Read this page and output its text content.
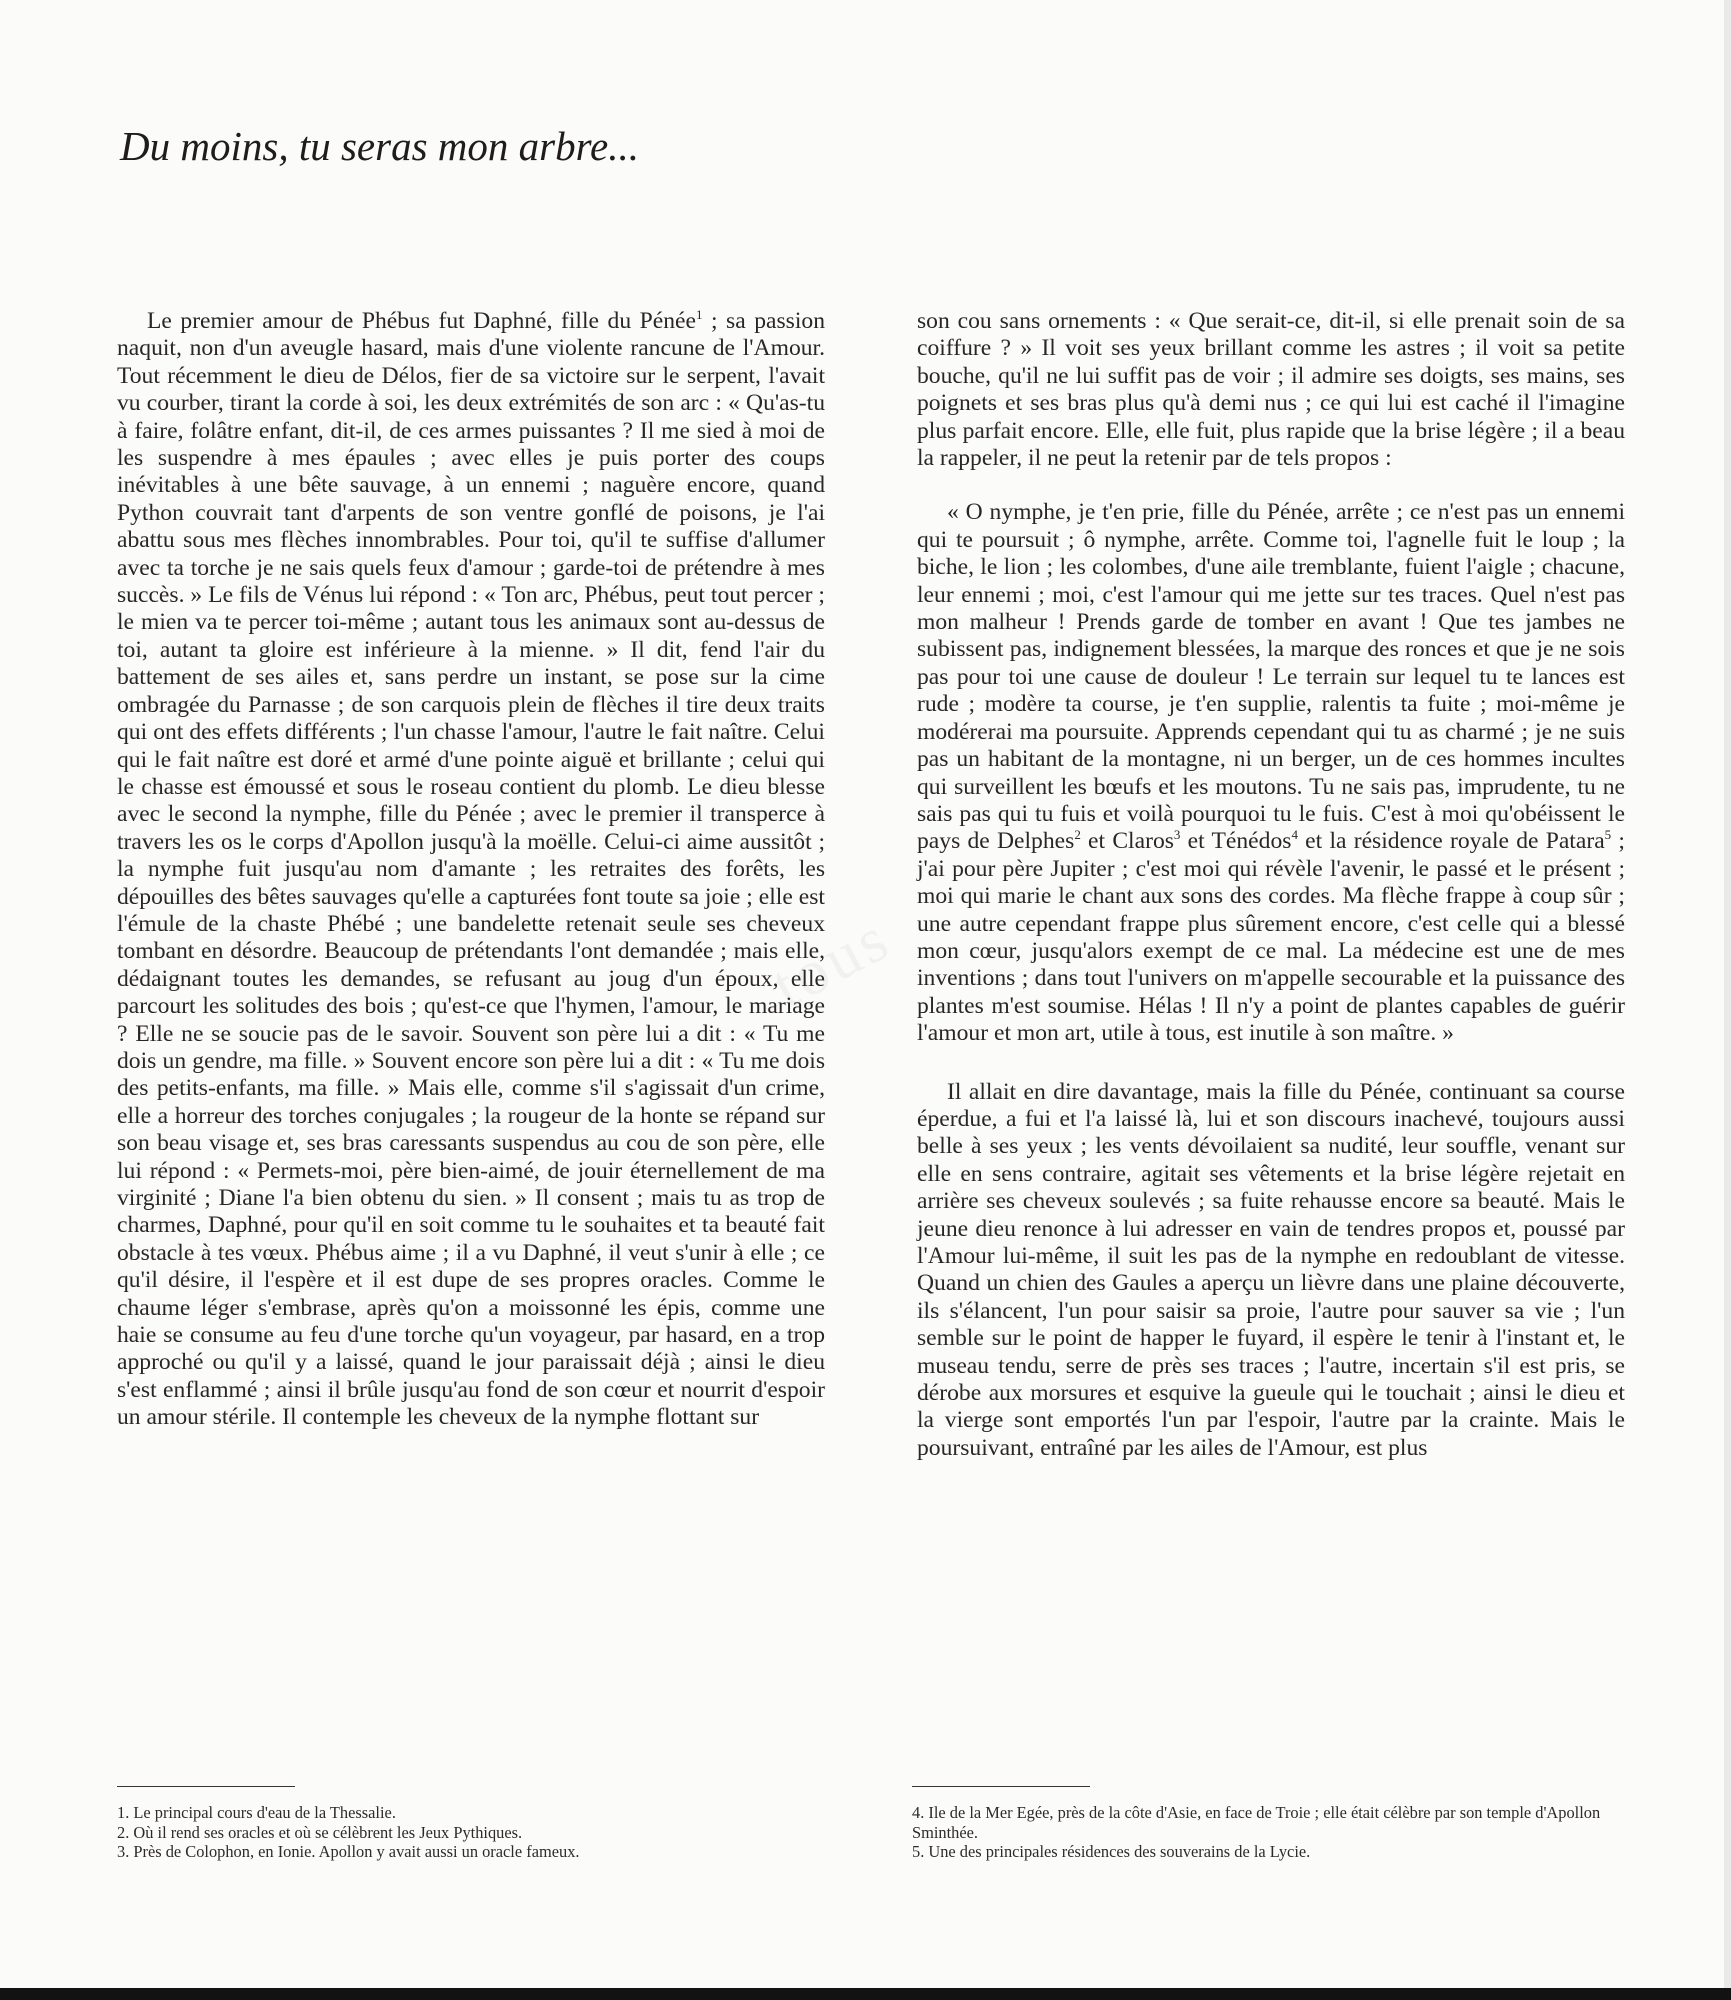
Du moins, tu seras mon arbre...
tous

Le premier amour de Phébus fut Daphné, fille du Pénée$^1$ ; sa passion naquit, non d'un aveugle hasard, mais d'une violente rancune de l'Amour. Tout récemment le dieu de Délos, fier de sa victoire sur le serpent, l'avait vu courber, tirant la corde à soi, les deux extrémités de son arc : « Qu'as-tu à faire, folâtre enfant, dit-il, de ces armes puissantes ? Il me sied à moi de les suspendre à mes épaules ; avec elles je puis porter des coups inévitables à une bête sauvage, à un ennemi ; naguère encore, quand Python couvrait tant d'arpents de son ventre gonflé de poisons, je l'ai abattu sous mes flèches innombrables. Pour toi, qu'il te suffise d'allumer avec ta torche je ne sais quels feux d'amour ; garde-toi de prétendre à mes succès. » Le fils de Vénus lui répond : « Ton arc, Phébus, peut tout percer ; le mien va te percer toi-même ; autant tous les animaux sont au-dessus de toi, autant ta gloire est inférieure à la mienne. » Il dit, fend l'air du battement de ses ailes et, sans perdre un instant, se pose sur la cime ombragée du Parnasse ; de son carquois plein de flèches il tire deux traits qui ont des effets différents ; l'un chasse l'amour, l'autre le fait naître. Celui qui le fait naître est doré et armé d'une pointe aiguë et brillante ; celui qui le chasse est émoussé et sous le roseau contient du plomb. Le dieu blesse avec le second la nymphe, fille du Pénée ; avec le premier il transperce à travers les os le corps d'Apollon jusqu'à la moëlle. Celui-ci aime aussitôt ; la nymphe fuit jusqu'au nom d'amante ; les retraites des forêts, les dépouilles des bêtes sauvages qu'elle a capturées font toute sa joie ; elle est l'émule de la chaste Phébé ; une bandelette retenait seule ses cheveux tombant en désordre. Beaucoup de prétendants l'ont demandée ; mais elle, dédaignant toutes les demandes, se refusant au joug d'un époux, elle parcourt les solitudes des bois ; qu'est-ce que l'hymen, l'amour, le mariage ? Elle ne se soucie pas de le savoir. Souvent son père lui a dit : « Tu me dois un gendre, ma fille. » Souvent encore son père lui a dit : « Tu me dois des petits-enfants, ma fille. » Mais elle, comme s'il s'agissait d'un crime, elle a horreur des torches conjugales ; la rougeur de la honte se répand sur son beau visage et, ses bras caressants suspendus au cou de son père, elle lui répond : « Permets-moi, père bien-aimé, de jouir éternellement de ma virginité ; Diane l'a bien obtenu du sien. » Il consent ; mais tu as trop de charmes, Daphné, pour qu'il en soit comme tu le souhaites et ta beauté fait obstacle à tes vœux. Phébus aime ; il a vu Daphné, il veut s'unir à elle ; ce qu'il désire, il l'espère et il est dupe de ses propres oracles. Comme le chaume léger s'embrase, après qu'on a moissonné les épis, comme une haie se consume au feu d'une torche qu'un voyageur, par hasard, en a trop approché ou qu'il y a laissé, quand le jour paraissait déjà ; ainsi le dieu s'est enflammé ; ainsi il brûle jusqu'au fond de son cœur et nourrit d'espoir un amour stérile. Il contemple les cheveux de la nymphe flottant sur

son cou sans ornements : « Que serait-ce, dit-il, si elle prenait soin de sa coiffure ? » Il voit ses yeux brillant comme les astres ; il voit sa petite bouche, qu'il ne lui suffit pas de voir ; il admire ses doigts, ses mains, ses poignets et ses bras plus qu'à demi nus ; ce qui lui est caché il l'imagine plus parfait encore. Elle, elle fuit, plus rapide que la brise légère ; il a beau la rappeler, il ne peut la retenir par de tels propos :

« O nymphe, je t'en prie, fille du Pénée, arrête ; ce n'est pas un ennemi qui te poursuit ; ô nymphe, arrête. Comme toi, l'agnelle fuit le loup ; la biche, le lion ; les colombes, d'une aile tremblante, fuient l'aigle ; chacune, leur ennemi ; moi, c'est l'amour qui me jette sur tes traces. Quel n'est pas mon malheur ! Prends garde de tomber en avant ! Que tes jambes ne subissent pas, indignement blessées, la marque des ronces et que je ne sois pas pour toi une cause de douleur ! Le terrain sur lequel tu te lances est rude ; modère ta course, je t'en supplie, ralentis ta fuite ; moi-même je modérerai ma poursuite. Apprends cependant qui tu as charmé ; je ne suis pas un habitant de la montagne, ni un berger, un de ces hommes incultes qui surveillent les bœufs et les moutons. Tu ne sais pas, imprudente, tu ne sais pas qui tu fuis et voilà pourquoi tu le fuis. C'est à moi qu'obéissent le pays de Delphes$^2$ et Claros$^3$ et Ténédos$^4$ et la résidence royale de Patara$^5$ ; j'ai pour père Jupiter ; c'est moi qui révèle l'avenir, le passé et le présent ; moi qui marie le chant aux sons des cordes. Ma flèche frappe à coup sûr ; une autre cependant frappe plus sûrement encore, c'est celle qui a blessé mon cœur, jusqu'alors exempt de ce mal. La médecine est une de mes inventions ; dans tout l'univers on m'appelle secourable et la puissance des plantes m'est soumise. Hélas ! Il n'y a point de plantes capables de guérir l'amour et mon art, utile à tous, est inutile à son maître. »

Il allait en dire davantage, mais la fille du Pénée, continuant sa course éperdue, a fui et l'a laissé là, lui et son discours inachevé, toujours aussi belle à ses yeux ; les vents dévoilaient sa nudité, leur souffle, venant sur elle en sens contraire, agitait ses vêtements et la brise légère rejetait en arrière ses cheveux soulevés ; sa fuite rehausse encore sa beauté. Mais le jeune dieu renonce à lui adresser en vain de tendres propos et, poussé par l'Amour lui-même, il suit les pas de la nymphe en redoublant de vitesse. Quand un chien des Gaules a aperçu un lièvre dans une plaine découverte, ils s'élancent, l'un pour saisir sa proie, l'autre pour sauver sa vie ; l'un semble sur le point de happer le fuyard, il espère le tenir à l'instant et, le museau tendu, serre de près ses traces ; l'autre, incertain s'il est pris, se dérobe aux morsures et esquive la gueule qui le touchait ; ainsi le dieu et la vierge sont emportés l'un par l'espoir, l'autre par la crainte. Mais le poursuivant, entraîné par les ailes de l'Amour, est plus

1. Le principal cours d'eau de la Thessalie.
2. Où il rend ses oracles et où se célèbrent les Jeux Pythiques.
3. Près de Colophon, en Ionie. Apollon y avait aussi un oracle fameux.
4. Ile de la Mer Egée, près de la côte d'Asie, en face de Troie ; elle était célèbre par son temple d'Apollon Sminthée.
5. Une des principales résidences des souverains de la Lycie.
